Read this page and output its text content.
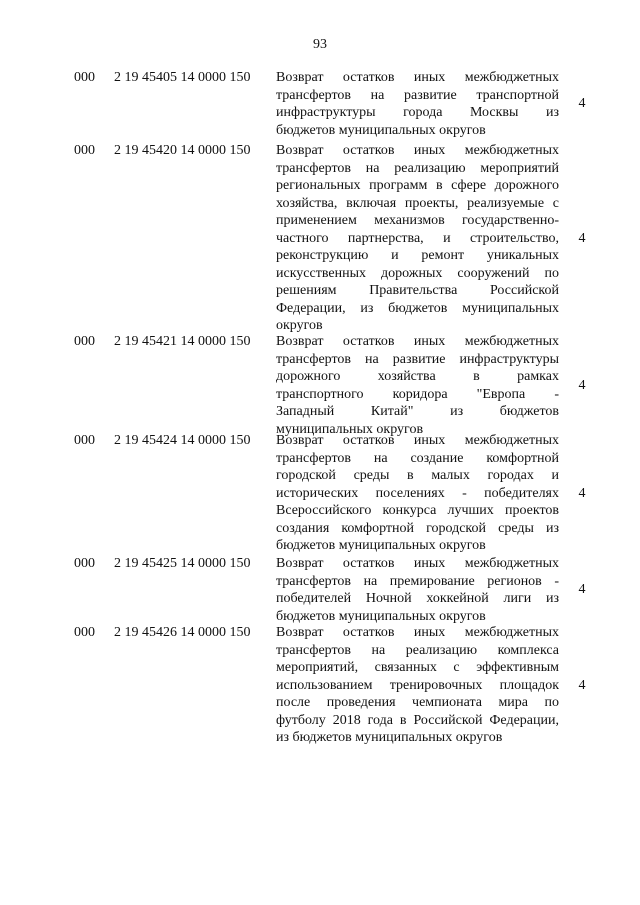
93
000 2 19 45405 14 0000 150 Возврат остатков иных межбюджетных
трансфертов на развитие транспортной
инфраструктуры города Москвы из
бюджетов муниципальных округов
4
000 2 19 45420 14 0000 150 Возврат остатков иных межбюджетных
трансфертов на реализацию мероприятий
региональных программ в сфере дорожного
хозяйства, включая проекты, реализуемые с
применением механизмов государственно-
частного партнерства, и строительство,
реконструкцию и ремонт уникальных
искусственных дорожных сооружений по
решениям Правительства Российской
Федерации, из бюджетов муниципальных
округов
4
000 2 19 45421 14 0000 150 Возврат остатков иных межбюджетных
трансфертов на развитие инфраструктуры
дорожного хозяйства в рамках
транспортного коридора "Европа -
Западный Китай" из бюджетов
муниципальных округов
4
000 2 19 45424 14 0000 150 Возврат остатков иных межбюджетных
трансфертов на создание комфортной
городской среды в малых городах и
исторических поселениях - победителях
Всероссийского конкурса лучших проектов
создания комфортной городской среды из
бюджетов муниципальных округов
4
000 2 19 45425 14 0000 150 Возврат остатков иных межбюджетных
трансфертов на премирование регионов -
победителей Ночной хоккейной лиги из
бюджетов муниципальных округов
4
000 2 19 45426 14 0000 150 Возврат остатков иных межбюджетных
трансфертов на реализацию комплекса
мероприятий, связанных с эффективным
использованием тренировочных площадок
после проведения чемпионата мира по
футболу 2018 года в Российской Федерации,
из бюджетов муниципальных округов
4
